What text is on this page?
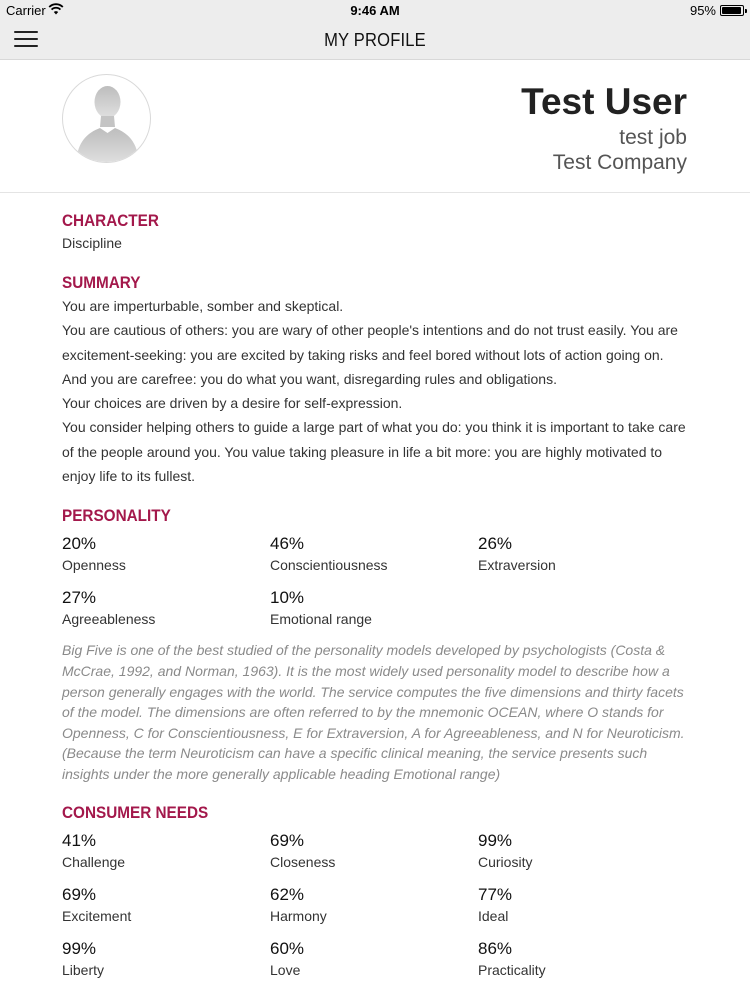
Carrier	9:46 AM	95%
MY PROFILE
Test User
test job
Test Company
CHARACTER
Discipline
SUMMARY

You are imperturbable, somber and skeptical.

You are cautious of others: you are wary of other people's intentions and do not trust easily. You are excitement-seeking: you are excited by taking risks and feel bored without lots of action going on.

And you are carefree: you do what you want, disregarding rules and obligations.

Your choices are driven by a desire for self-expression.

You consider helping others to guide a large part of what you do: you think it is important to take care of the people around you. You value taking pleasure in life a bit more: you are highly motivated to enjoy life to its fullest.

PERSONALITY
20%
Openness
46%
Conscientiousness
26%
Extraversion
27%
Agreeableness
10%
Emotional range
Big Five is one of the best studied of the personality models developed by psychologists (Costa & McCrae, 1992, and Norman, 1963). It is the most widely used personality model to describe how a person generally engages with the world. The service computes the five dimensions and thirty facets of the model. The dimensions are often referred to by the mnemonic OCEAN, where O stands for Openness, C for Conscientiousness, E for Extraversion, A for Agreeableness, and N for Neuroticism. (Because the term Neuroticism can have a specific clinical meaning, the service presents such insights under the more generally applicable heading Emotional range)
CONSUMER NEEDS
41%
Challenge
69%
Closeness
99%
Curiosity
69%
Excitement
62%
Harmony
77%
Ideal
99%
Liberty
60%
Love
86%
Practicality
